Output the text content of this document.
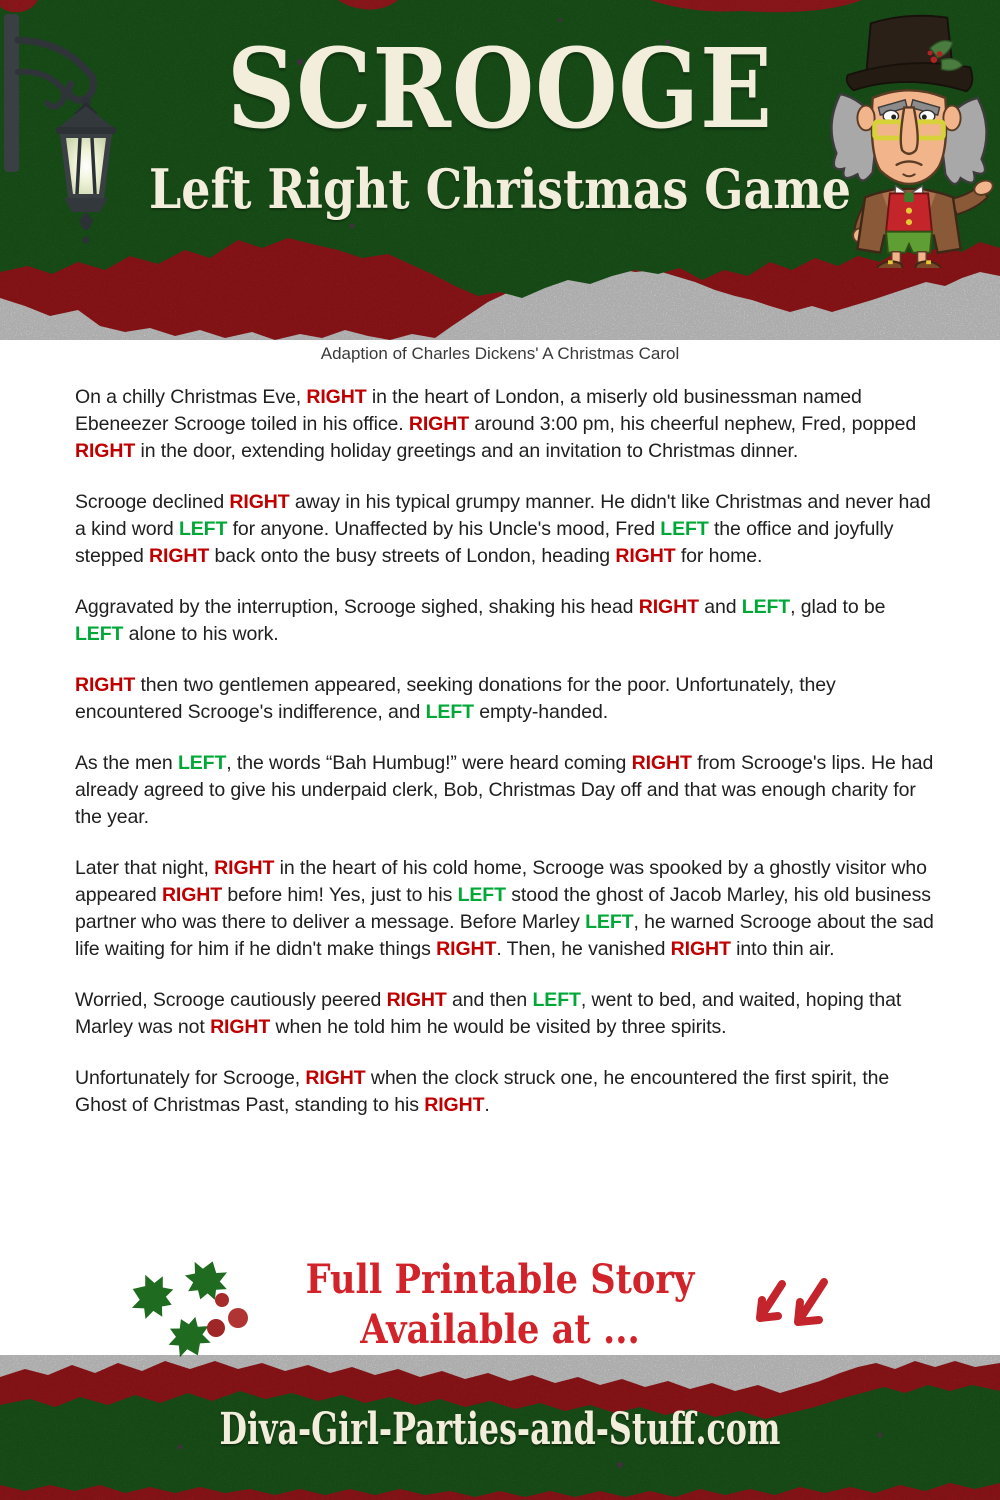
SCROOGE
Left Right Christmas Game
Adaption of Charles Dickens' A Christmas Carol

On a chilly Christmas Eve, RIGHT in the heart of London, a miserly old businessman named Ebeneezer Scrooge toiled in his office. RIGHT around 3:00 pm, his cheerful nephew, Fred, popped RIGHT in the door, extending holiday greetings and an invitation to Christmas dinner.

Scrooge declined RIGHT away in his typical grumpy manner. He didn't like Christmas and never had a kind word LEFT for anyone. Unaffected by his Uncle's mood, Fred LEFT the office and joyfully stepped RIGHT back onto the busy streets of London, heading RIGHT for home.

Aggravated by the interruption, Scrooge sighed, shaking his head RIGHT and LEFT, glad to be LEFT alone to his work.

RIGHT then two gentlemen appeared, seeking donations for the poor. Unfortunately, they encountered Scrooge's indifference, and LEFT empty-handed.

As the men LEFT, the words “Bah Humbug!” were heard coming RIGHT from Scrooge's lips. He had already agreed to give his underpaid clerk, Bob, Christmas Day off and that was enough charity for the year.

Later that night, RIGHT in the heart of his cold home, Scrooge was spooked by a ghostly visitor who appeared RIGHT before him! Yes, just to his LEFT stood the ghost of Jacob Marley, his old business partner who was there to deliver a message. Before Marley LEFT, he warned Scrooge about the sad life waiting for him if he didn't make things RIGHT. Then, he vanished RIGHT into thin air.

Worried, Scrooge cautiously peered RIGHT and then LEFT, went to bed, and waited, hoping that Marley was not RIGHT when he told him he would be visited by three spirits.

Unfortunately for Scrooge, RIGHT when the clock struck one, he encountered the first spirit, the Ghost of Christmas Past, standing to his RIGHT.

Full Printable Story
Available at ...
Diva-Girl-Parties-and-Stuff.com
